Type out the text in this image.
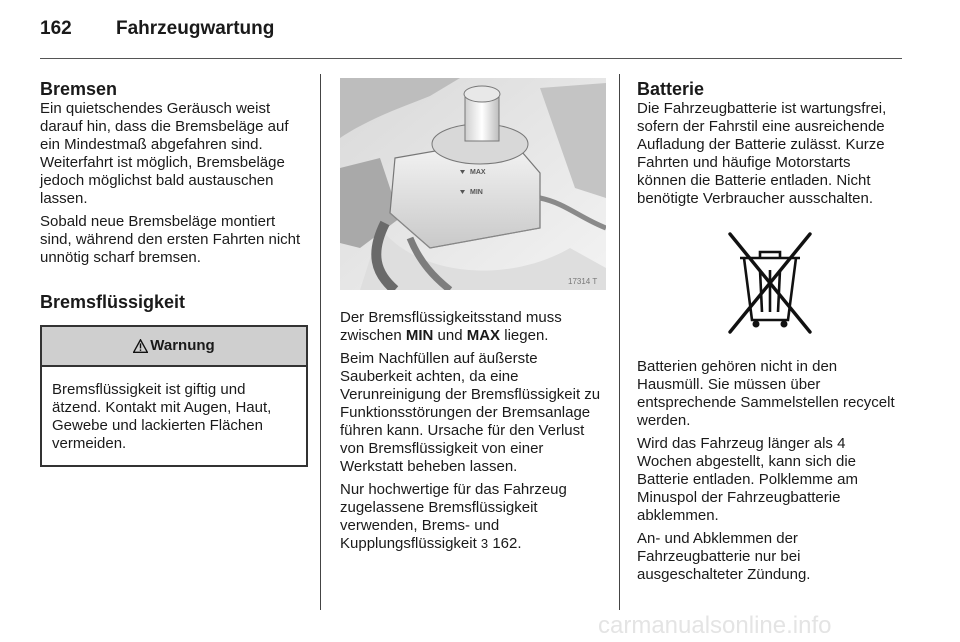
162 Fahrzeugwartung
Bremsen

Ein quietschendes Geräusch weist darauf hin, dass die Bremsbeläge auf ein Mindestmaß abgefahren sind. Weiterfahrt ist möglich, Bremsbeläge jedoch möglichst bald austauschen lassen.

Sobald neue Bremsbeläge montiert sind, während den ersten Fahrten nicht unnötig scharf bremsen.

Bremsflüssigkeit
Warnung
Bremsflüssigkeit ist giftig und ätzend. Kontakt mit Augen, Haut, Gewebe und lackierten Flächen vermeiden.
MAX
MIN
17314 T

Der Bremsflüssigkeitsstand muss zwischen MIN und MAX liegen.

Beim Nachfüllen auf äußerste Sauberkeit achten, da eine Verunreinigung der Bremsflüssigkeit zu Funktionsstörungen der Bremsanlage führen kann. Ursache für den Verlust von Bremsflüssigkeit von einer Werkstatt beheben lassen.

Nur hochwertige für das Fahrzeug zugelassene Bremsflüssigkeit verwenden, Brems- und Kupplungsflüssigkeit 3 162.

Batterie

Die Fahrzeugbatterie ist wartungsfrei, sofern der Fahrstil eine ausreichende Aufladung der Batterie zulässt. Kurze Fahrten und häufige Motorstarts können die Batterie entladen. Nicht benötigte Verbraucher ausschalten.

Batterien gehören nicht in den Hausmüll. Sie müssen über entsprechende Sammelstellen recycelt werden.

Wird das Fahrzeug länger als 4 Wochen abgestellt, kann sich die Batterie entladen. Polklemme am Minuspol der Fahrzeugbatterie abklemmen.

An- und Abklemmen der Fahrzeugbatterie nur bei ausgeschalteter Zündung.

carmanualsonline.info
